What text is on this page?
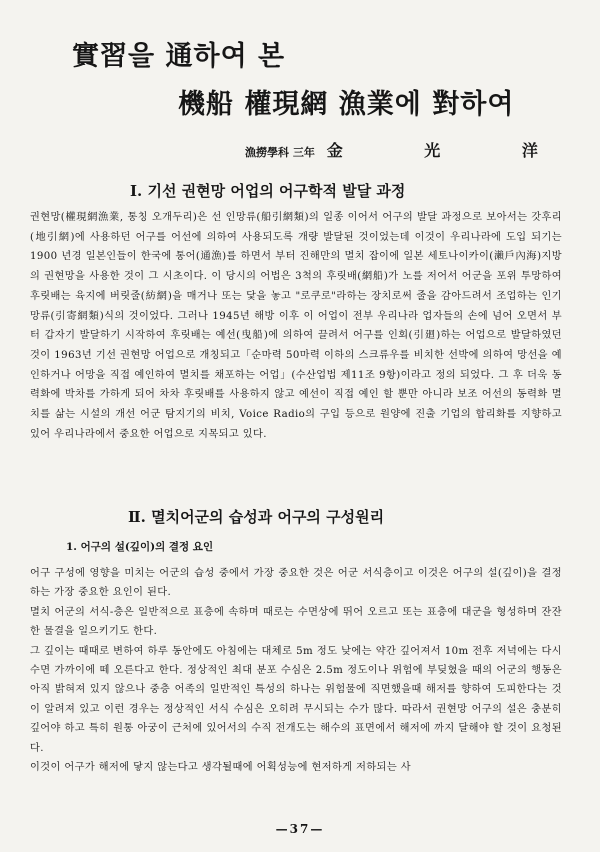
實習을 通하여 본
機船 權現網 漁業에 對하여
漁撈學科 三年 金 光 洋
I. 기선 권현망 어업의 어구학적 발달 과정

권현망(權現網漁業, 통칭 오개두리)은 선 인망류(船引網類)의 일종 이어서 어구의 발달 과정으로 보아서는 갓후리(地引網)에 사용하던 어구를 어선에 의하여 사용되도록 개량 발달된 것이었는데 이것이 우리나라에 도입 되기는 1900 년경 일본인들이 한국에 통어(通漁)를 하면서 부터 진해만의 멸치 잡이에 일본 세토나이카이(瀨戶內海)지방의 권현망을 사용한 것이 그 시초이다. 이 당시의 어법은 3척의 후릿배(網船)가 노를 저어서 어군을 포위 투망하여 후릿배는 육지에 버릿줄(紡網)을 매거나 또는 닻을 놓고 "로쿠로"라하는 장치로써 줄을 감아드려서 조업하는 인기망류(引寄網類)식의 것이었다. 그러나 1945년 해방 이후 이 어업이 전부 우리나라 업자들의 손에 넘어 오면서 부터 갑자기 발달하기 시작하여 후릿배는 예선(曳船)에 의하여 끌려서 어구를 인회(引廻)하는 어업으로 발달하였던 것이 1963년 기선 권현망 어업으로 개칭되고「순마력 50마력 이하의 스크류우를 비치한 선박에 의하여 망선을 예인하거나 어망을 직접 예인하여 멸치를 채포하는 어업」(수산업법 제11조 9항)이라고 정의 되었다. 그 후 더욱 동력화에 박차를 가하게 되어 차차 후릿배를 사용하지 않고 예선이 직접 예인 할 뿐만 아니라 보조 어선의 동력화 멸치를 삶는 시설의 개선 어군 탐지기의 비치, Voice Radio의 구입 등으로 원양에 진출 기업의 합리화를 지향하고 있어 우리나라에서 중요한 어업으로 지목되고 있다.

Ⅱ. 멸치어군의 습성과 어구의 구성원리
1. 어구의 설(깊이)의 결정 요인

어구 구성에 영향을 미치는 어군의 습성 중에서 가장 중요한 것은 어군 서식층이고 이것은 어구의 설(깊이)을 결정하는 가장 중요한 요인이 된다.

멸치 어군의 서식-층은 일반적으로 표층에 속하며 때로는 수면상에 뛰어 오르고 또는 표층에 대군을 형성하며 잔잔한 물결을 일으키기도 한다.

그 깊이는 때때로 변하여 하루 동안에도 아침에는 대체로 5m 정도 낮에는 약간 깊어져서 10m 전후 저녁에는 다시 수면 가까이에 떼 오른다고 한다. 정상적인 최대 분포 수심은 2.5m 정도이나 위험에 부딪혔을 때의 어군의 행동은 아직 밝혀져 있지 않으나 중층 어족의 일반적인 특성의 하나는 위험물에 직면했을때 해저를 향하여 도피한다는 것이 알려져 있고 이런 경우는 정상적인 서식 수심은 오히려 무시되는 수가 많다. 따라서 권현망 어구의 설은 충분히 깊어야 하고 특히 원통 아궁이 근처에 있어서의 수직 전개도는 해수의 표면에서 해저에 까지 달해야 할 것이 요청된다.

이것이 어구가 해저에 닿지 않는다고 생각될때에 어획성능에 현저하게 저하되는 사

—37—
